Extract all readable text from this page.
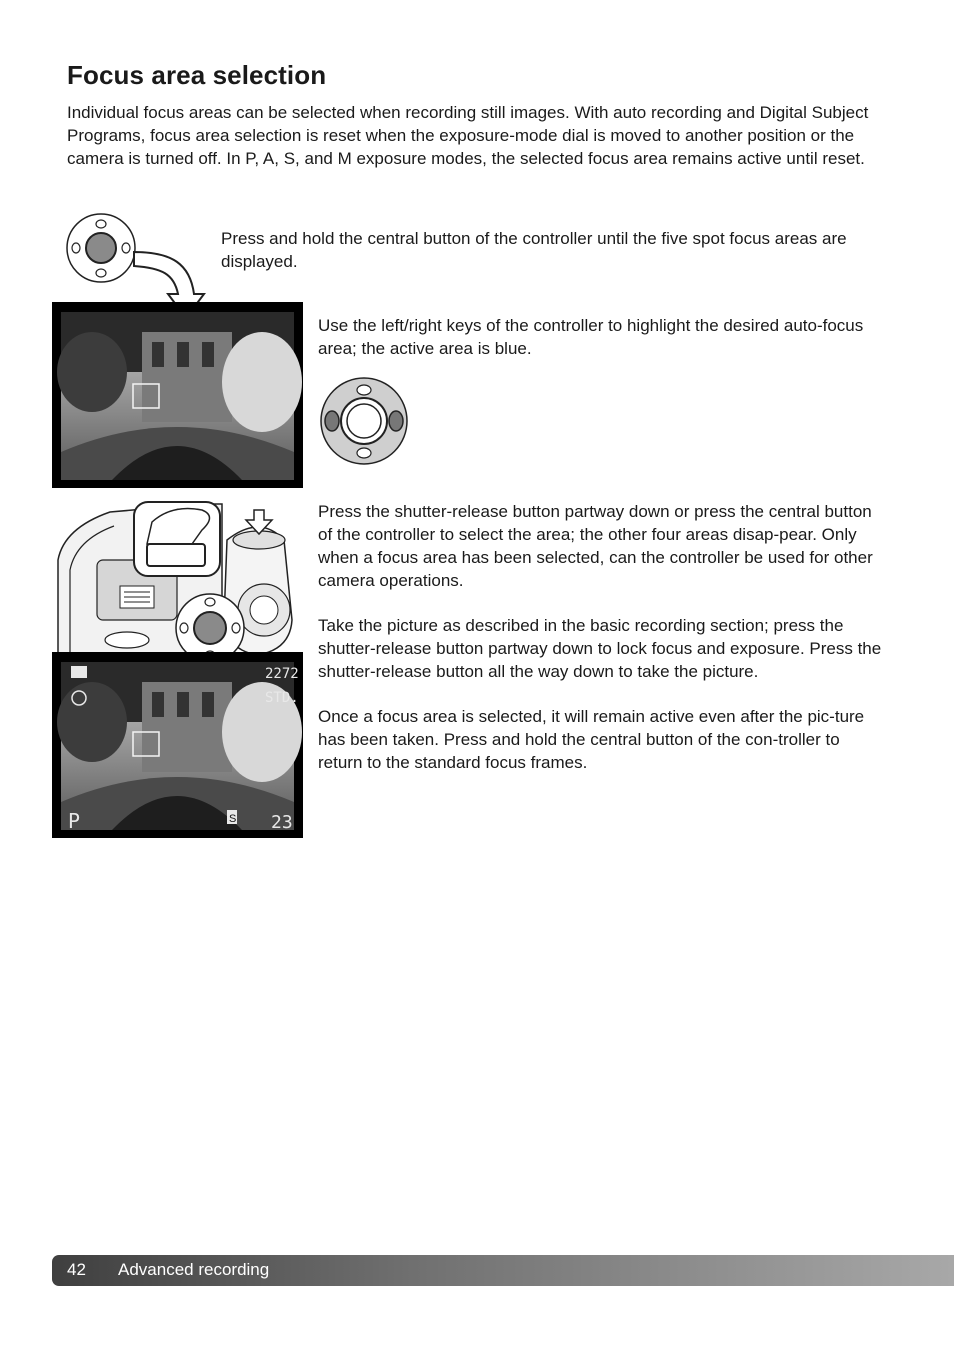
Focus area selection

Individual focus areas can be selected when recording still images. With auto recording and Digital Subject Programs, focus area selection is reset when the exposure-mode dial is moved to another position or the camera is turned off. In P, A, S, and M exposure modes, the selected focus area remains active until reset.

Press and hold the central button of the controller until the five spot focus areas are displayed.

Use the left/right keys of the controller to highlight the desired auto-focus area; the active area is blue.

Press the shutter-release button partway down or press the central button of the controller to select the area; the other four areas disap-pear. Only when a focus area has been selected, can the controller be used for other camera operations.

Take the picture as described in the basic recording section; press the shutter-release button partway down to lock focus and exposure. Press the shutter-release button all the way down to take the picture.

Once a focus area is selected, it will remain active even after the pic-ture has been taken. Press and hold the central button of the con-troller to return to the standard focus frames.

2272
STD.
P	S 23
42 Advanced recording
